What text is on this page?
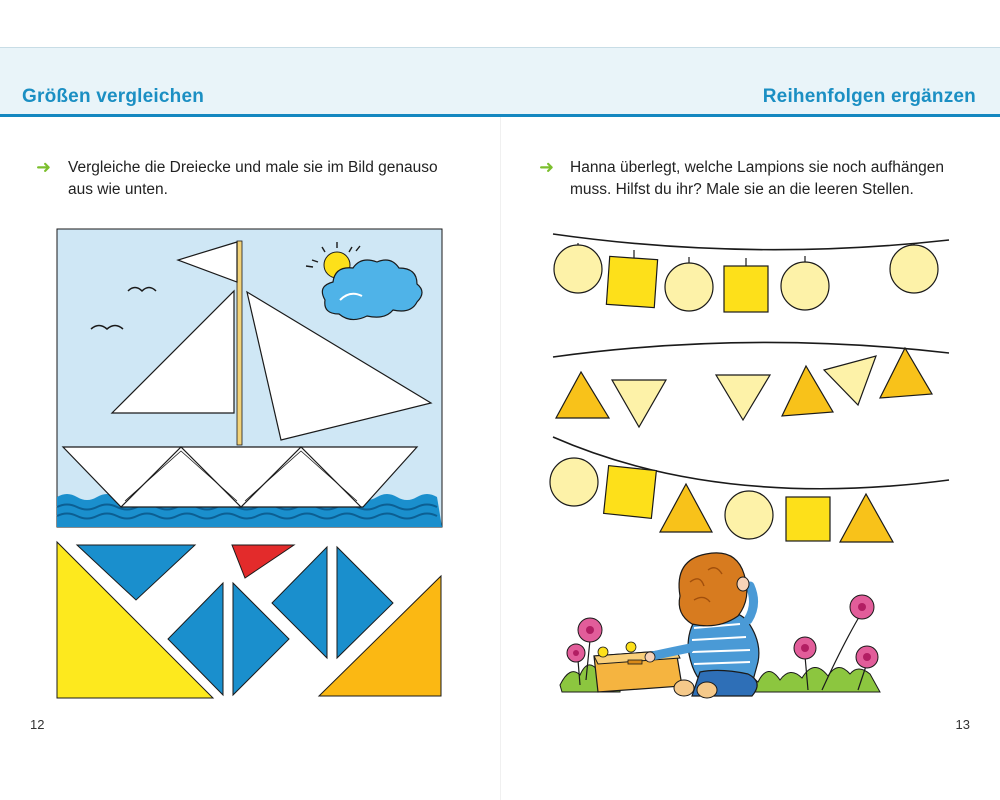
Größen vergleichen	Reihenfolgen ergänzen
➜ Vergleiche die Dreiecke und male sie im Bild genauso aus wie unten.
➜ Hanna überlegt, welche Lampions sie noch aufhängen muss. Hilfst du ihr? Male sie an die leeren Stellen.
12	13
